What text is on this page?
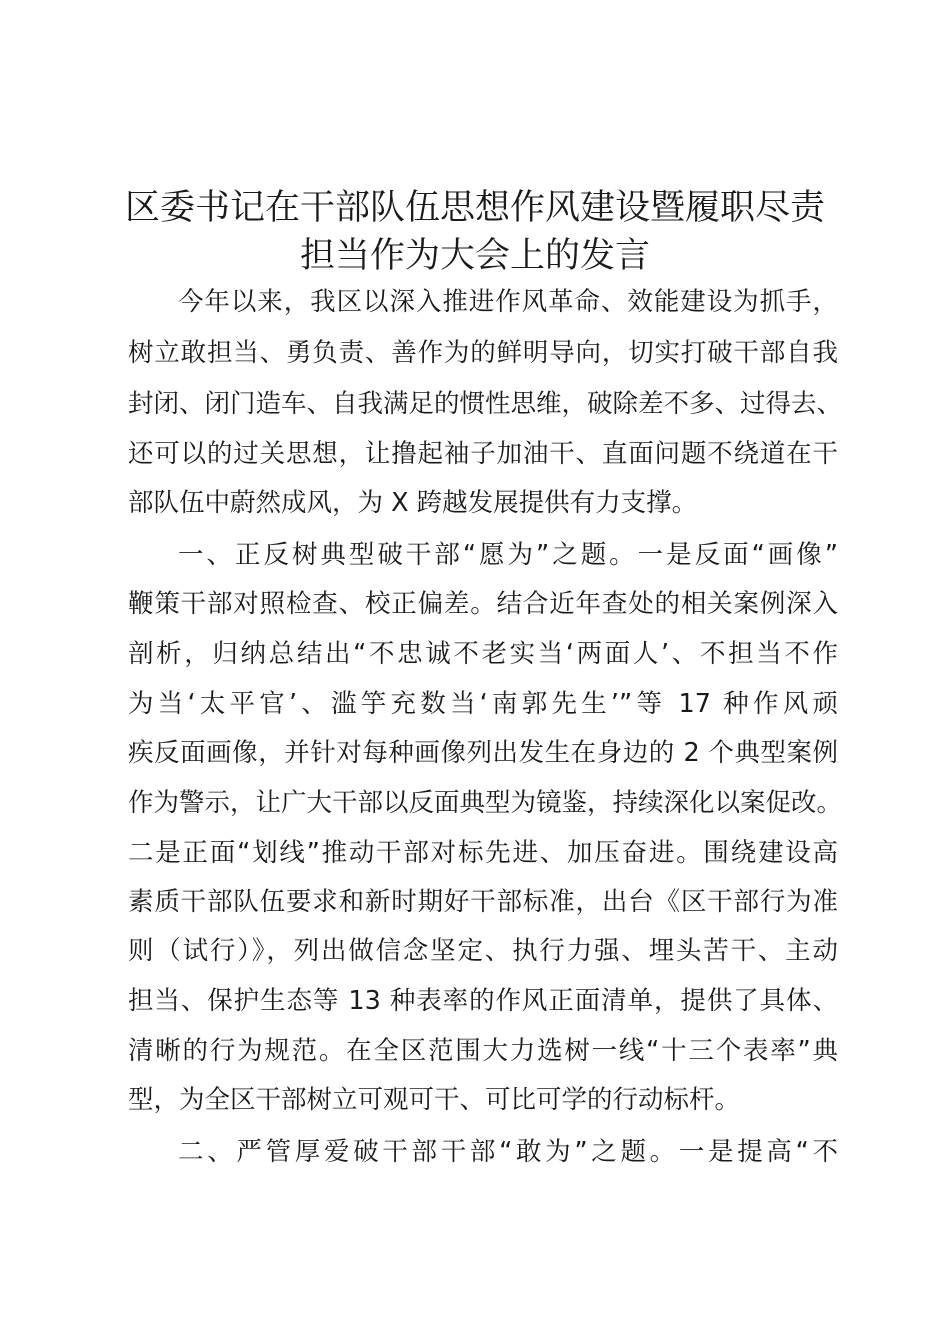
区委书记在干部队伍思想作风建设暨履职尽责
担当作为大会上的发言
今年以来，我区以深入推进作风革命、效能建设为抓手，
树立敢担当、勇负责、善作为的鲜明导向，切实打破干部自我
封闭、闭门造车、自我满足的惯性思维，破除差不多、过得去、
还可以的过关思想，让撸起袖子加油干、直面问题不绕道在干
部队伍中蔚然成风，为 X 跨越发展提供有力支撑。
一、正反树典型破干部“愿为”之题。一是反面“画像”
鞭策干部对照检查、校正偏差。结合近年查处的相关案例深入
剖析，归纳总结出“不忠诚不老实当‘两面人’、不担当不作
为当‘太平官’、滥竽充数当‘南郭先生’”等 17 种作风顽
疾反面画像，并针对每种画像列出发生在身边的 2 个典型案例
作为警示，让广大干部以反面典型为镜鉴，持续深化以案促改。
二是正面“划线”推动干部对标先进、加压奋进。围绕建设高
素质干部队伍要求和新时期好干部标准，出台《区干部行为准
则（试行）》，列出做信念坚定、执行力强、埋头苦干、主动
担当、保护生态等 13 种表率的作风正面清单，提供了具体、
清晰的行为规范。在全区范围大力选树一线“十三个表率”典
型，为全区干部树立可观可干、可比可学的行动标杆。
二、严管厚爱破干部干部“敢为”之题。一是提高“不
